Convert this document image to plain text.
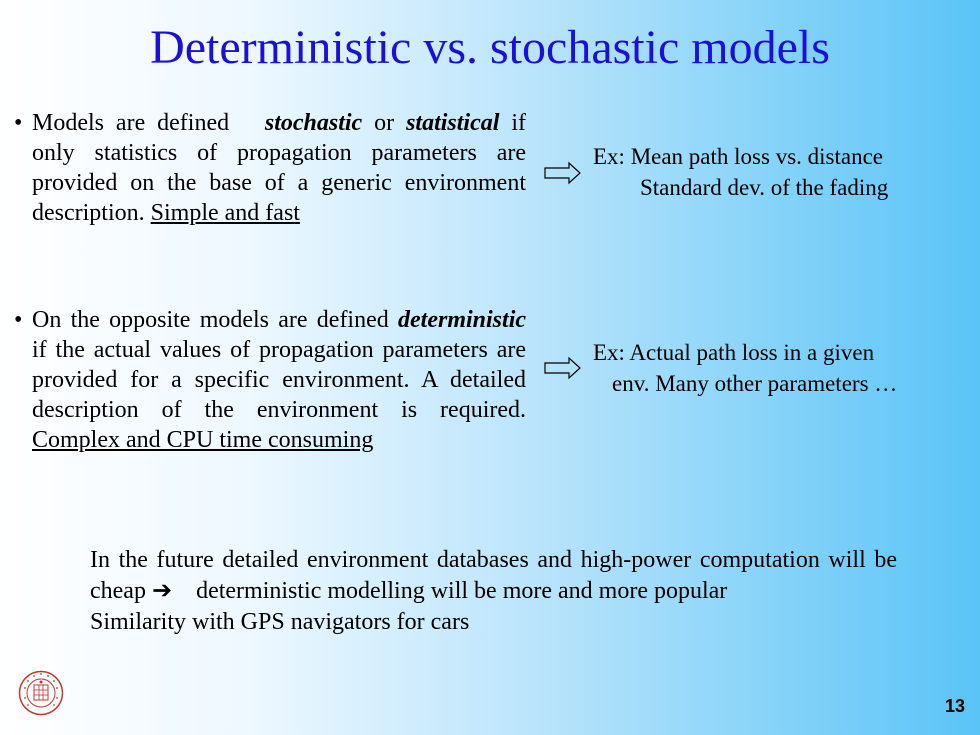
Deterministic vs. stochastic models
• Models are defined stochastic or statistical if only statistics of propagation parameters are provided on the base of a generic environment description. Simple and fast

Ex: Mean path loss vs. distance
Standard dev. of the fading
• On the opposite models are defined deterministic if the actual values of propagation parameters are provided for a specific environment. A detailed description of the environment is required. Complex and CPU time consuming

Ex: Actual path loss in a given
env. Many other parameters …

In the future detailed environment databases and high-power computation will be cheap ➔ deterministic modelling will be more and more popular

Similarity with GPS navigators for cars

13
